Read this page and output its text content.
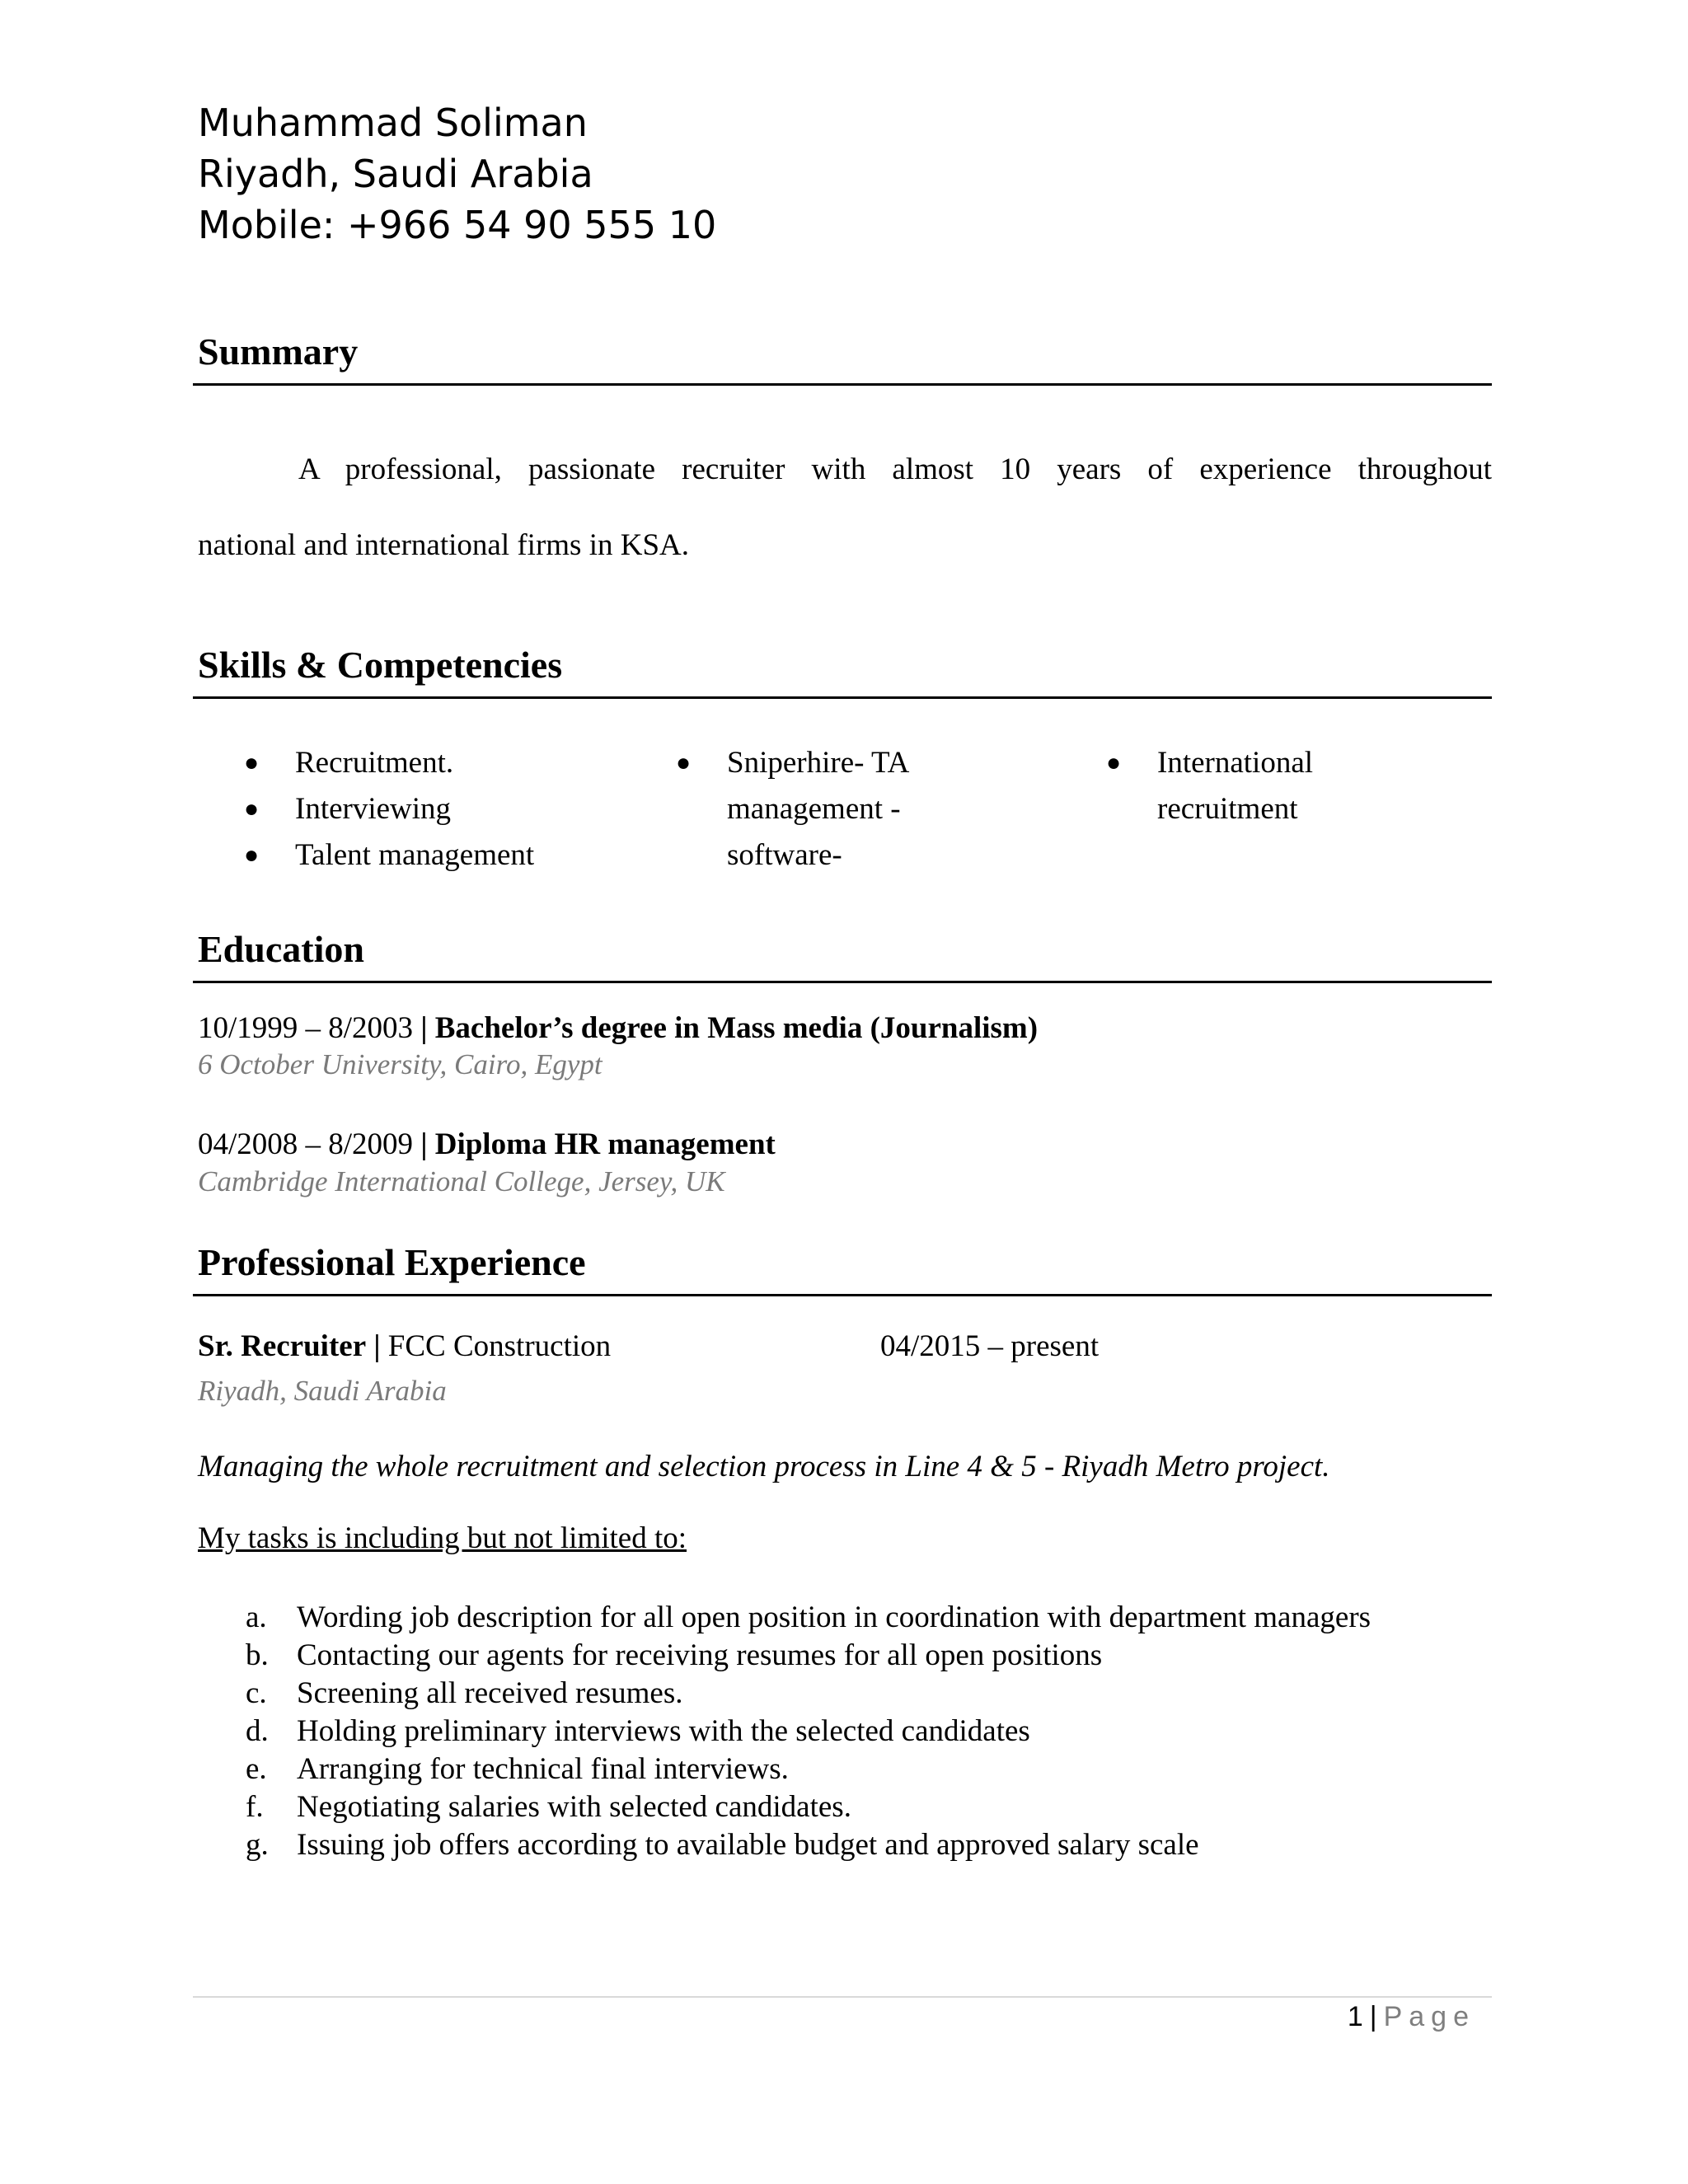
Muhammad Soliman
Riyadh, Saudi Arabia
Mobile: +966 54 90 555 10
Summary
A professional, passionate recruiter with almost 10 years of experience throughout
national and international firms in KSA.
Skills & Competencies
● Recruitment.
● Interviewing
● Talent management
● Sniperhire- TA
management -
software-
● International
recruitment
Education
10/1999 – 8/2003 | Bachelor’s degree in Mass media (Journalism)
6 October University, Cairo, Egypt
04/2008 – 8/2009 | Diploma HR management
Cambridge International College, Jersey, UK
Professional Experience
Sr. Recruiter | FCC Construction	04/2015 – present
Riyadh, Saudi Arabia
Managing the whole recruitment and selection process in Line 4 & 5 - Riyadh Metro project.
My tasks is including but not limited to:
a. Wording job description for all open position in coordination with department managers
b. Contacting our agents for receiving resumes for all open positions
c. Screening all received resumes.
d. Holding preliminary interviews with the selected candidates
e. Arranging for technical final interviews.
f. Negotiating salaries with selected candidates.
g. Issuing job offers according to available budget and approved salary scale
1 | Page
